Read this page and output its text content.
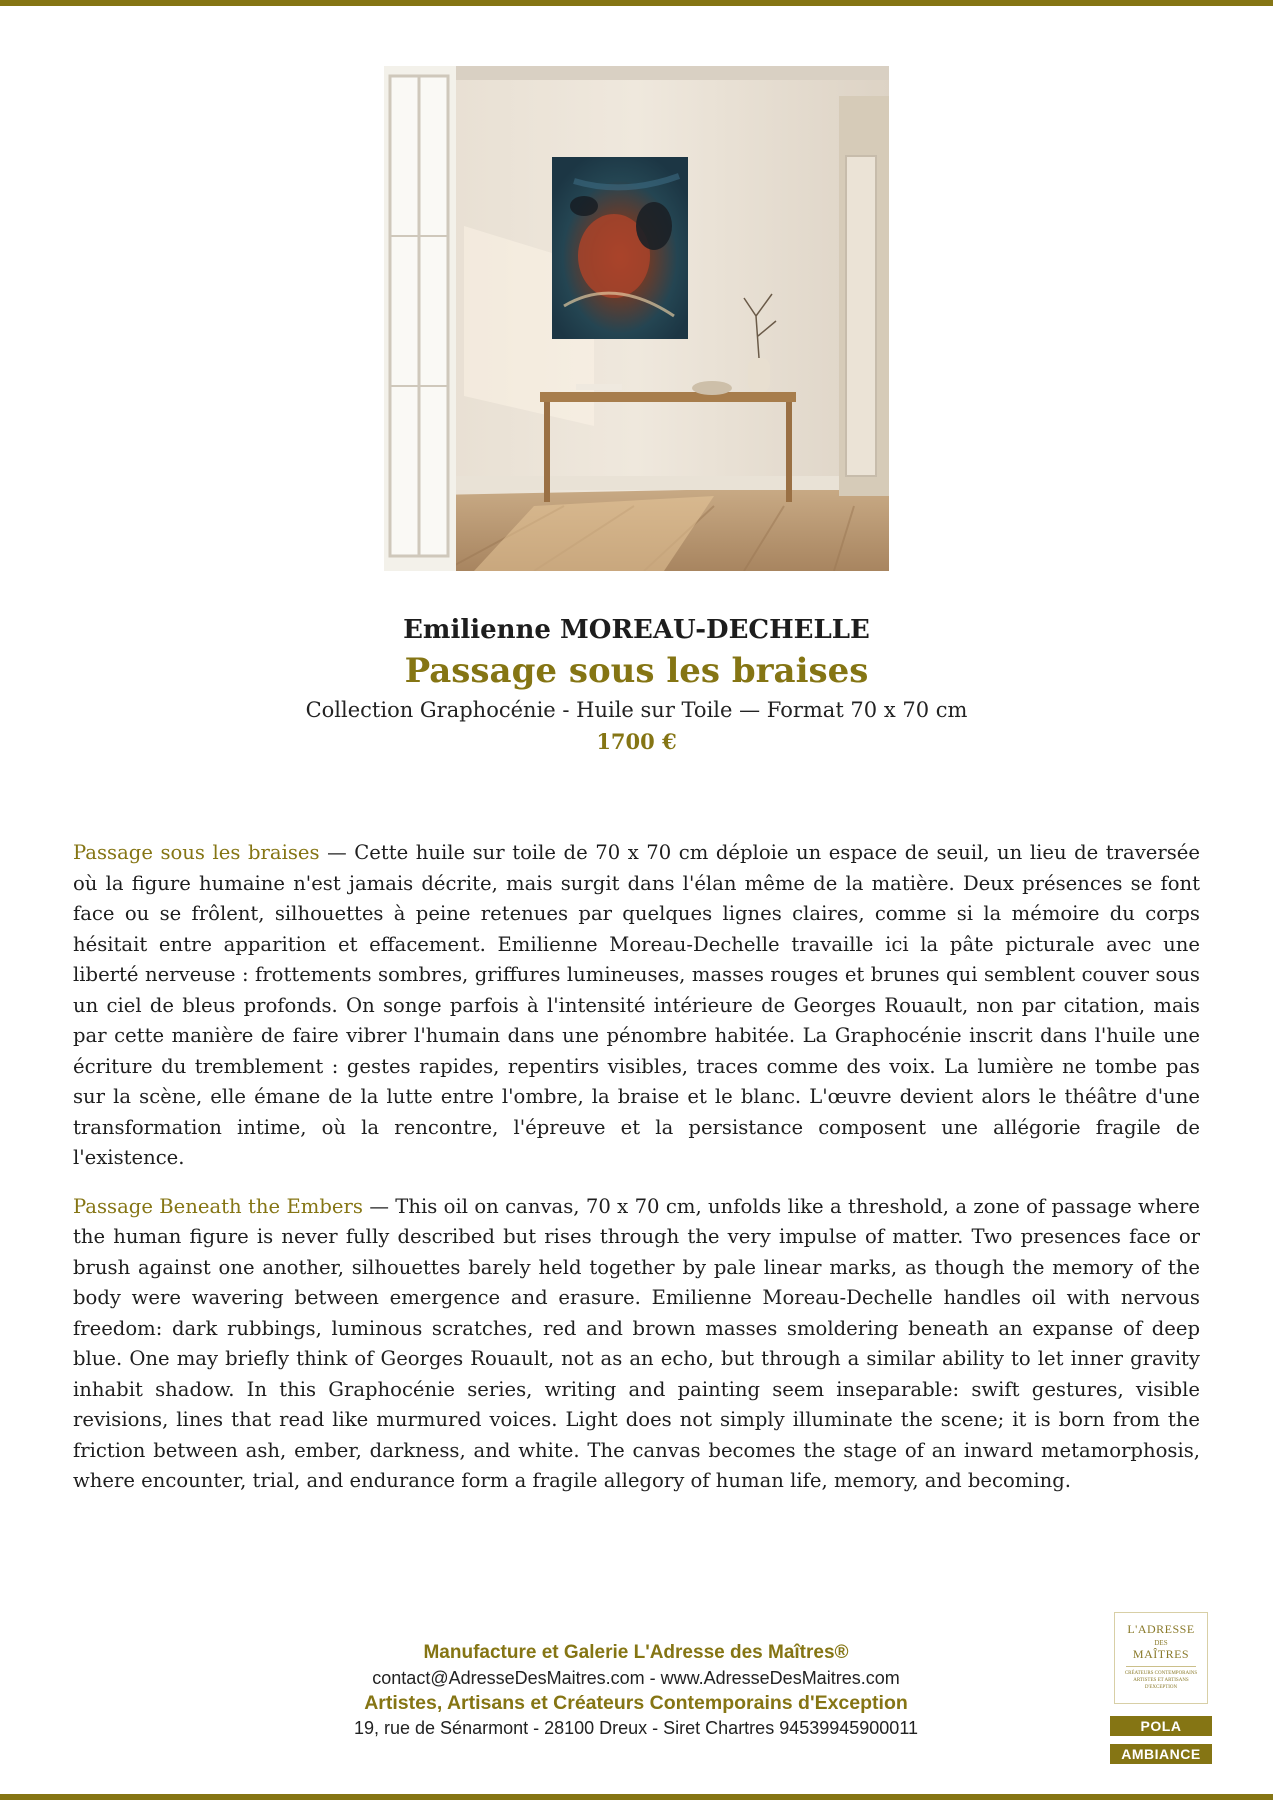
Emilienne MOREAU-DECHELLE
Passage sous les braises
Collection Graphocénie - Huile sur Toile — Format 70 x 70 cm
1700 €

Passage sous les braises — Cette huile sur toile de 70 x 70 cm déploie un espace de seuil, un lieu de traversée où la figure humaine n'est jamais décrite, mais surgit dans l'élan même de la matière. Deux présences se font face ou se frôlent, silhouettes à peine retenues par quelques lignes claires, comme si la mémoire du corps hésitait entre apparition et effacement. Emilienne Moreau-Dechelle travaille ici la pâte picturale avec une liberté nerveuse : frottements sombres, griffures lumineuses, masses rouges et brunes qui semblent couver sous un ciel de bleus profonds. On songe parfois à l'intensité intérieure de Georges Rouault, non par citation, mais par cette manière de faire vibrer l'humain dans une pénombre habitée. La Graphocénie inscrit dans l'huile une écriture du tremblement : gestes rapides, repentirs visibles, traces comme des voix. La lumière ne tombe pas sur la scène, elle émane de la lutte entre l'ombre, la braise et le blanc. L'œuvre devient alors le théâtre d'une transformation intime, où la rencontre, l'épreuve et la persistance composent une allégorie fragile de l'existence.

Passage Beneath the Embers — This oil on canvas, 70 x 70 cm, unfolds like a threshold, a zone of passage where the human figure is never fully described but rises through the very impulse of matter. Two presences face or brush against one another, silhouettes barely held together by pale linear marks, as though the memory of the body were wavering between emergence and erasure. Emilienne Moreau-Dechelle handles oil with nervous freedom: dark rubbings, luminous scratches, red and brown masses smoldering beneath an expanse of deep blue. One may briefly think of Georges Rouault, not as an echo, but through a similar ability to let inner gravity inhabit shadow. In this Graphocénie series, writing and painting seem inseparable: swift gestures, visible revisions, lines that read like murmured voices. Light does not simply illuminate the scene; it is born from the friction between ash, ember, darkness, and white. The canvas becomes the stage of an inward metamorphosis, where encounter, trial, and endurance form a fragile allegory of human life, memory, and becoming.

Manufacture et Galerie L'Adresse des Maîtres®
contact@AdresseDesMaitres.com - www.AdresseDesMaitres.com
Artistes, Artisans et Créateurs Contemporains d'Exception
19, rue de Sénarmont - 28100 Dreux - Siret Chartres 94539945900011
L'ADRESSE
DES
MAÎTRES
CRÉATEURS CONTEMPORAINS ARTISTES ET ARTISANS D'EXCEPTION
POLA
AMBIANCE
